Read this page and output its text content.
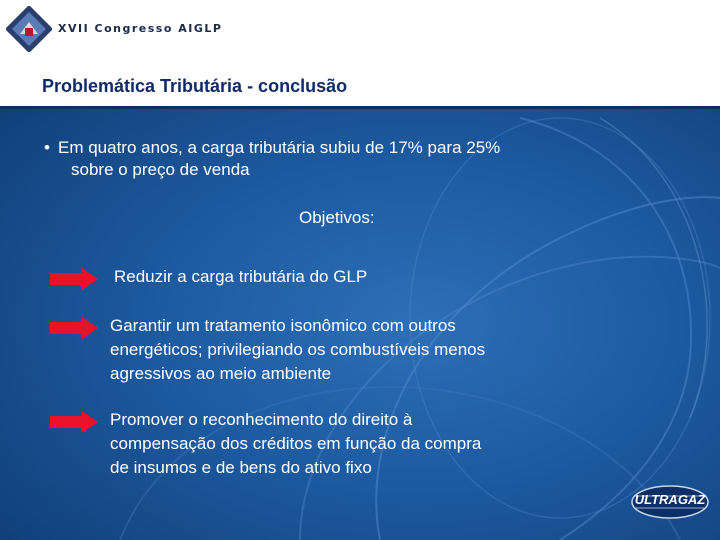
XVII Congresso AIGLP
Problemática Tributária - conclusão
• Em quatro anos, a carga tributária subiu de 17% para 25%
sobre o preço de venda
Objetivos:
Reduzir a carga tributária do GLP
Garantir um tratamento isonômico com outros
energéticos; privilegiando os combustíveis menos
agressivos ao meio ambiente
Promover o reconhecimento do direito à
compensação dos créditos em função da compra
de insumos e de bens do ativo fixo
ULTRAGAZ
